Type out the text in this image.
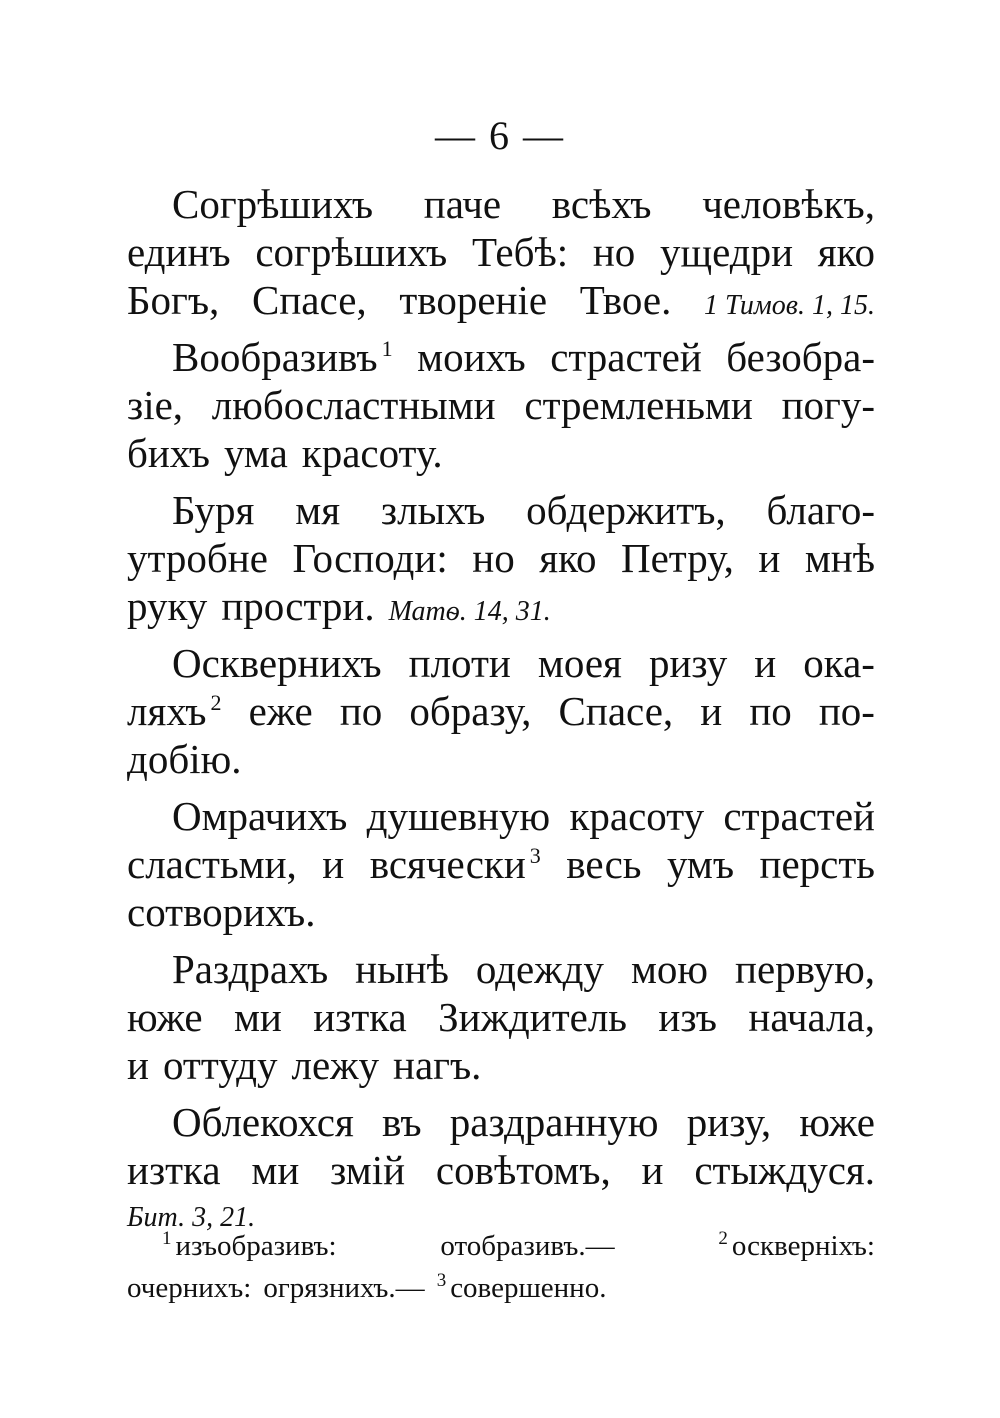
— 6 —
Согрѣшихъ паче всѣхъ человѣкъ,
единъ согрѣшихъ Тебѣ: но ущедри яко
Богъ, Спасе, твореніе Твое. 1 Тимов. 1, 15.
Вообразивъ $^1$ моихъ страстей безобра-
зіе, любосластными стремленьми погу-
бихъ ума красоту.
Буря мя злыхъ обдержитъ, благо-
утробне Господи: но яко Петру, и мнѣ
руку простри. Матѳ. 14, 31.
Осквернихъ плоти моея ризу и ока-
ляхъ $^2$ еже по образу, Спасе, и по по-
добію.
Омрачихъ душевную красоту страстей
сластьми, и всячески $^3$ весь умъ персть
сотворихъ.
Раздрахъ нынѣ одежду мою первую,
юже ми изтка Зиждитель изъ начала,
и оттуду лежу нагъ.
Облекохся въ раздранную ризу, юже
изтка ми змій совѣтомъ, и стыждуся.
Бит. 3, 21.
$^1$ изъобразивъ:	отобразивъ.—	$^2$ оскверніхъ:
очерниxъ: огрязнихъ.— $^3$ совершенно.
